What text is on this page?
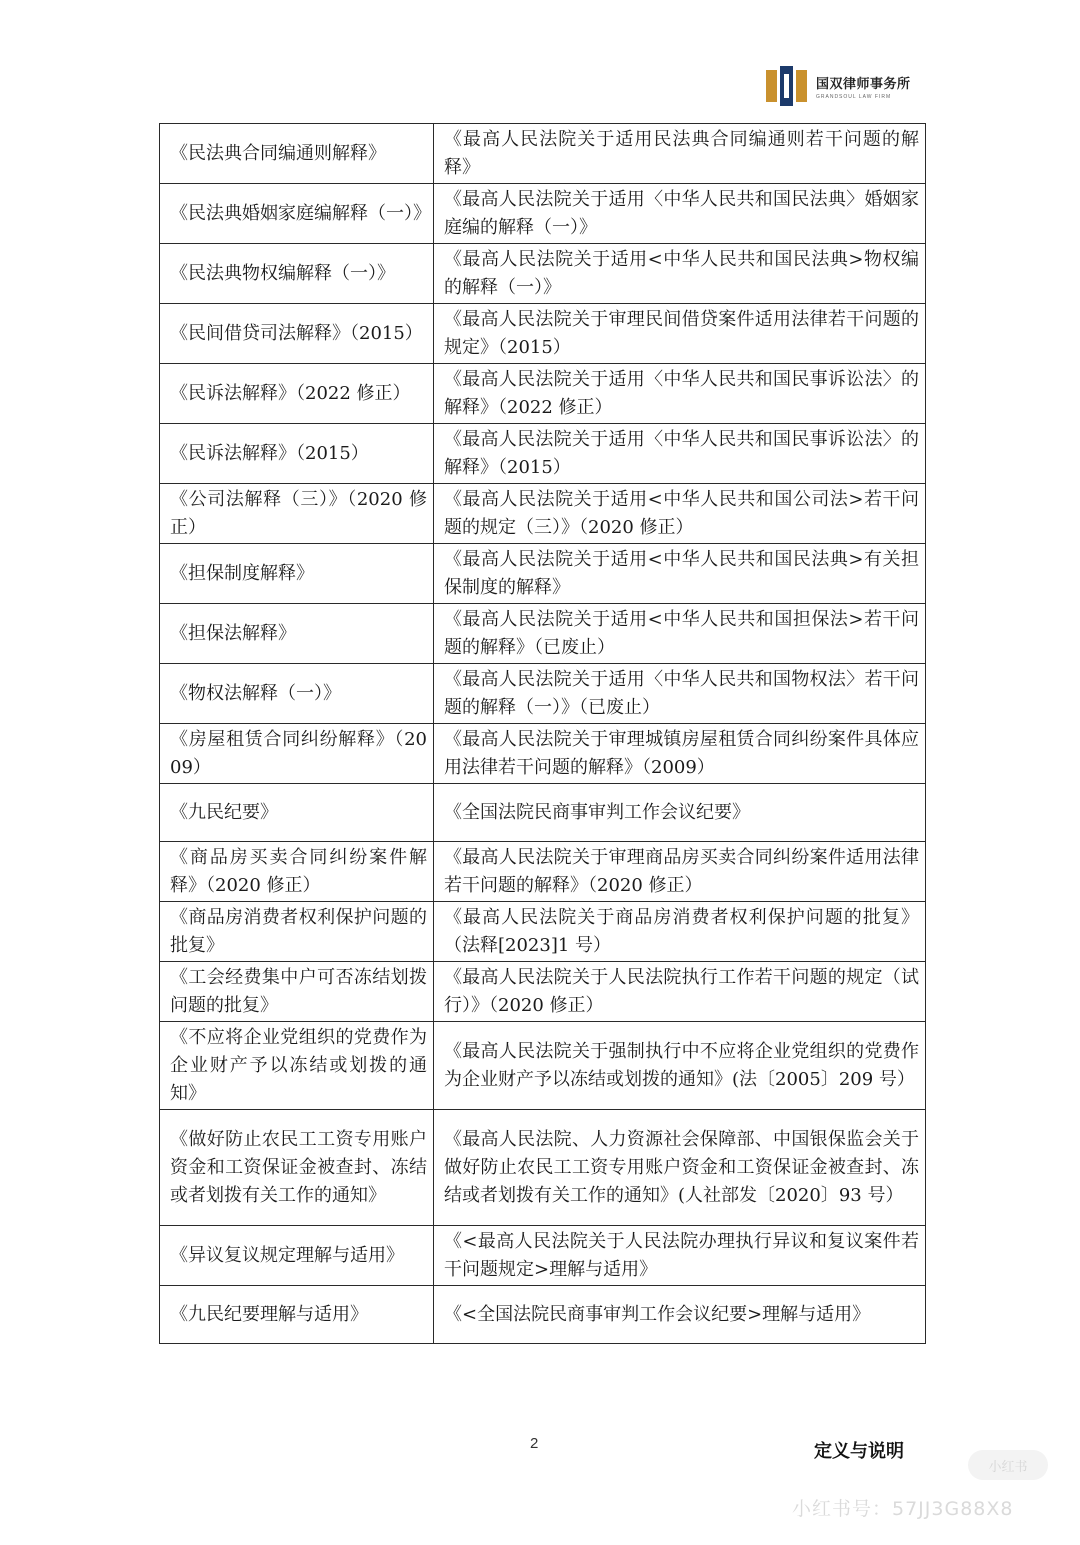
国双律师事务所
GRANDSOUL LAW FIRM
《民法典合同编通则解释》	《最高人民法院关于适用民法典合同编通则若干问题的解释》
《民法典婚姻家庭编解释（一）》	《最高人民法院关于适用〈中华人民共和国民法典〉婚姻家庭编的解释（一）》
《民法典物权编解释（一）》	《最高人民法院关于适用<中华人民共和国民法典>物权编的解释（一）》
《民间借贷司法解释》（2015）	《最高人民法院关于审理民间借贷案件适用法律若干问题的规定》（2015）
《民诉法解释》（2022 修正）	《最高人民法院关于适用〈中华人民共和国民事诉讼法〉的解释》（2022 修正）
《民诉法解释》（2015）	《最高人民法院关于适用〈中华人民共和国民事诉讼法〉的解释》（2015）
《公司法解释（三）》（2020 修正）	《最高人民法院关于适用<中华人民共和国公司法>若干问题的规定（三）》（2020 修正）
《担保制度解释》	《最高人民法院关于适用<中华人民共和国民法典>有关担保制度的解释》
《担保法解释》	《最高人民法院关于适用<中华人民共和国担保法>若干问题的解释》（已废止）
《物权法解释（一）》	《最高人民法院关于适用〈中华人民共和国物权法〉若干问题的解释（一）》（已废止）
《房屋租赁合同纠纷解释》（2009）	《最高人民法院关于审理城镇房屋租赁合同纠纷案件具体应用法律若干问题的解释》（2009）
《九民纪要》	《全国法院民商事审判工作会议纪要》
《商品房买卖合同纠纷案件解释》（2020 修正）	《最高人民法院关于审理商品房买卖合同纠纷案件适用法律若干问题的解释》（2020 修正）
《商品房消费者权利保护问题的批复》	《最高人民法院关于商品房消费者权利保护问题的批复》（法释[2023]1 号）
《工会经费集中户可否冻结划拨问题的批复》	《最高人民法院关于人民法院执行工作若干问题的规定（试行）》（2020 修正）
《不应将企业党组织的党费作为企业财产予以冻结或划拨的通知》	《最高人民法院关于强制执行中不应将企业党组织的党费作为企业财产予以冻结或划拨的通知》(法〔2005〕209 号）
《做好防止农民工工资专用账户资金和工资保证金被查封、冻结或者划拨有关工作的通知》	《最高人民法院、人力资源社会保障部、中国银保监会关于做好防止农民工工资专用账户资金和工资保证金被查封、冻结或者划拨有关工作的通知》(人社部发〔2020〕93 号）
《异议复议规定理解与适用》	《<最高人民法院关于人民法院办理执行异议和复议案件若干问题规定>理解与适用》
《九民纪要理解与适用》	《<全国法院民商事审判工作会议纪要>理解与适用》
2	定义与说明
小红书
小红书号：57JJ3G88X8
